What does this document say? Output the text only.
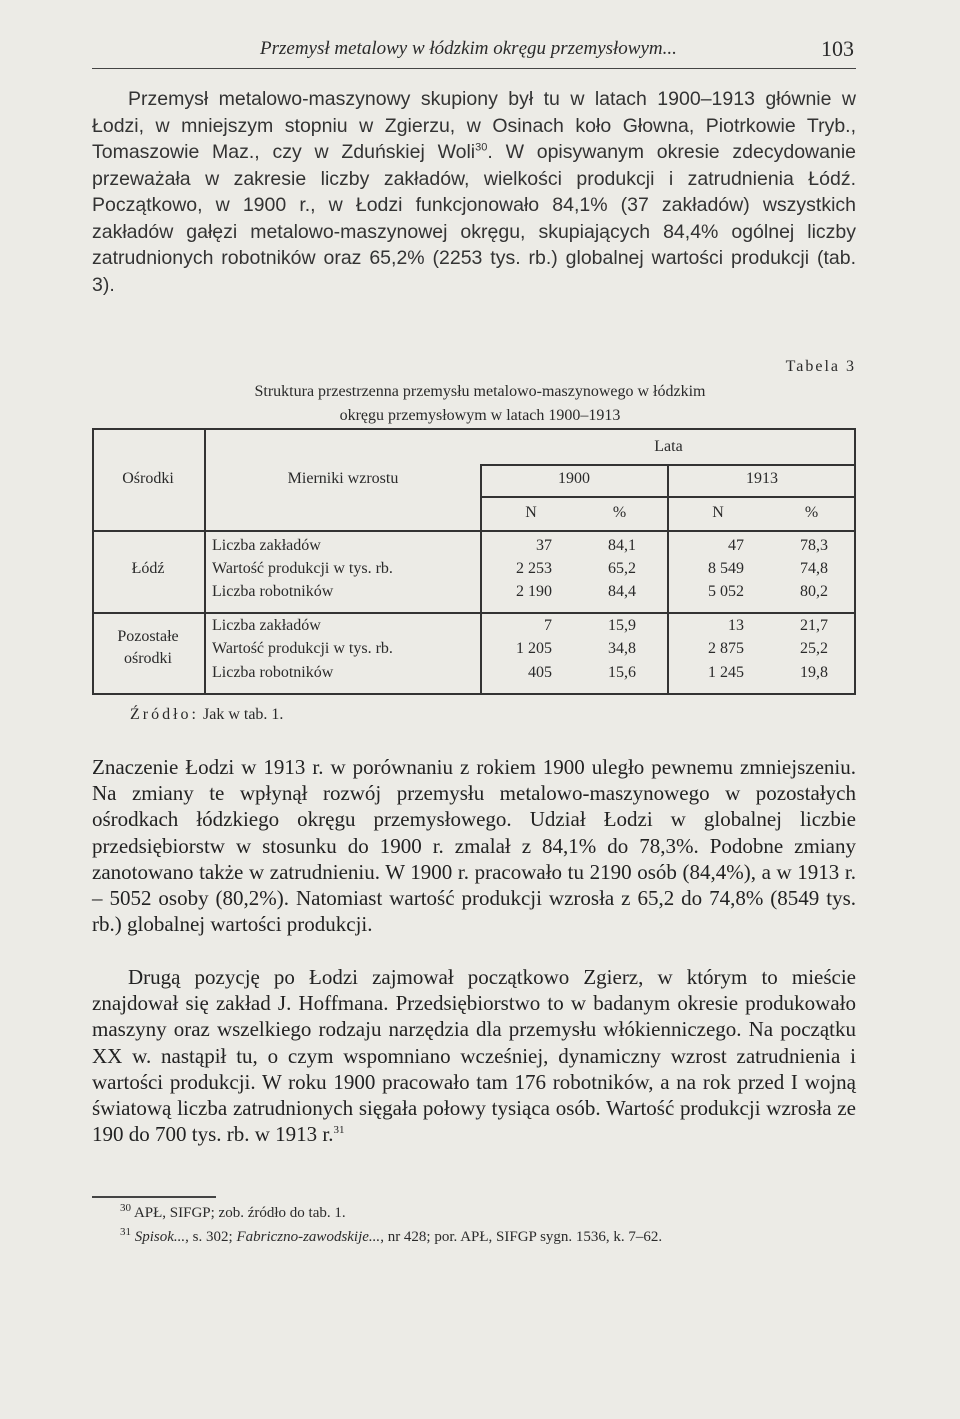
Przemysł metalowy w łódzkim okręgu przemysłowym...	103

Przemysł metalowo-maszynowy skupiony był tu w latach 1900–1913 głównie w Łodzi, w mniejszym stopniu w Zgierzu, w Osinach koło Głowna, Piotrkowie Tryb., Tomaszowie Maz., czy w Zduńskiej Woli$^{30}$. W opisywanym okresie zdecydowanie przeważała w zakresie liczby zakładów, wielkości produkcji i zatrudnienia Łódź. Początkowo, w 1900 r., w Łodzi funkcjonowało 84,1% (37 zakładów) wszystkich zakładów gałęzi metalowo-maszynowej okręgu, skupiających 84,4% ogólnej liczby zatrudnionych robotników oraz 65,2% (2253 tys. rb.) globalnej wartości produkcji (tab. 3).

Tabela 3
Struktura przestrzenna przemysłu metalowo-maszynowego w łódzkim
okręgu przemysłowym w latach 1900–1913
Ośrodki	Mierniki wzrostu
Lata
1900	1913
N	%	N	%
Łódź
Liczba zakładów	37	84,1	47	78,3
Wartość produkcji w tys. rb.	2 253	65,2	8 549	74,8
Liczba robotników	2 190	84,4	5 052	80,2
Pozostałe
ośrodki
Liczba zakładów	7	15,9	13	21,7
Wartość produkcji w tys. rb.	1 205	34,8	2 875	25,2
Liczba robotników	405	15,6	1 245	19,8
Źródło: Jak w tab. 1.

Znaczenie Łodzi w 1913 r. w porównaniu z rokiem 1900 uległo pewnemu zmniejszeniu. Na zmiany te wpłynął rozwój przemysłu metalowo-maszynowego w pozostałych ośrodkach łódzkiego okręgu przemysłowego. Udział Łodzi w globalnej liczbie przedsiębiorstw w stosunku do 1900 r. zmalał z 84,1% do 78,3%. Podobne zmiany zanotowano także w zatrudnieniu. W 1900 r. pracowało tu 2190 osób (84,4%), a w 1913 r. – 5052 osoby (80,2%). Natomiast wartość produkcji wzrosła z 65,2 do 74,8% (8549 tys. rb.) globalnej wartości produkcji.

Drugą pozycję po Łodzi zajmował początkowo Zgierz, w którym to mieście znajdował się zakład J. Hoffmana. Przedsiębiorstwo to w badanym okresie produkowało maszyny oraz wszelkiego rodzaju narzędzia dla przemysłu włókienniczego. Na początku XX w. nastąpił tu, o czym wspomniano wcześniej, dynamiczny wzrost zatrudnienia i wartości produkcji. W roku 1900 pracowało tam 176 robotników, a na rok przed I wojną światową liczba zatrudnionych sięgała połowy tysiąca osób. Wartość produkcji wzrosła ze 190 do 700 tys. rb. w 1913 r.$^{31}$

$^{30}$ APŁ, SIFGP; zob. źródło do tab. 1.
$^{31}$ Spisok..., s. 302; Fabriczno-zawodskije..., nr 428; por. APŁ, SIFGP sygn. 1536, k. 7–62.
